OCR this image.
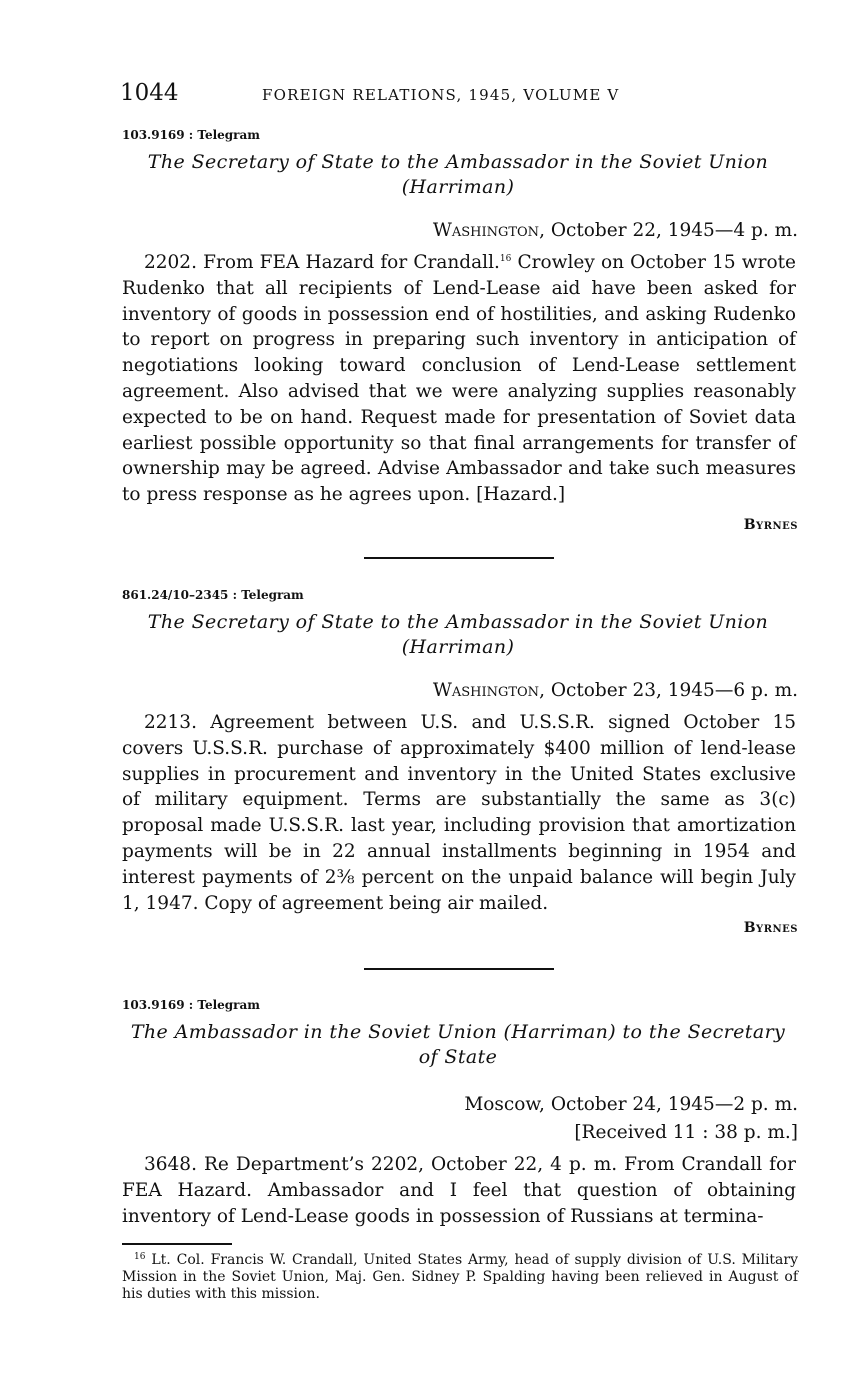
1044	FOREIGN RELATIONS, 1945, VOLUME V
103.9169 : Telegram
The Secretary of State to the Ambassador in the Soviet Union
(Harriman)
Washington, October 22, 1945—4 p. m.

2202. From FEA Hazard for Crandall.$^{16}$ Crowley on October 15 wrote Rudenko that all recipients of Lend-Lease aid have been asked for inventory of goods in possession end of hostilities, and asking Rudenko to report on progress in preparing such inventory in anticipation of negotiations looking toward conclusion of Lend-Lease settlement agreement. Also advised that we were analyzing supplies reasonably expected to be on hand. Request made for presentation of Soviet data earliest possible opportunity so that final arrangements for transfer of ownership may be agreed. Advise Ambassador and take such measures to press response as he agrees upon. [Hazard.]

Byrnes
861.24/10–2345 : Telegram
The Secretary of State to the Ambassador in the Soviet Union
(Harriman)
Washington, October 23, 1945—6 p. m.

2213. Agreement between U.S. and U.S.S.R. signed October 15 covers U.S.S.R. purchase of approximately $400 million of lend-lease supplies in procurement and inventory in the United States exclusive of military equipment. Terms are substantially the same as 3(c) proposal made U.S.S.R. last year, including provision that amortization payments will be in 22 annual installments beginning in 1954 and interest payments of 2⅜ percent on the unpaid balance will begin July 1, 1947. Copy of agreement being air mailed.

Byrnes
103.9169 : Telegram
The Ambassador in the Soviet Union (Harriman) to the Secretary
of State
Moscow, October 24, 1945—2 p. m.
[Received 11 : 38 p. m.]

3648. Re Department’s 2202, October 22, 4 p. m. From Crandall for FEA Hazard. Ambassador and I feel that question of obtaining inventory of Lend-Lease goods in possession of Russians at termina-

$^{16}$ Lt. Col. Francis W. Crandall, United States Army, head of supply division of U.S. Military Mission in the Soviet Union, Maj. Gen. Sidney P. Spalding having been relieved in August of his duties with this mission.
